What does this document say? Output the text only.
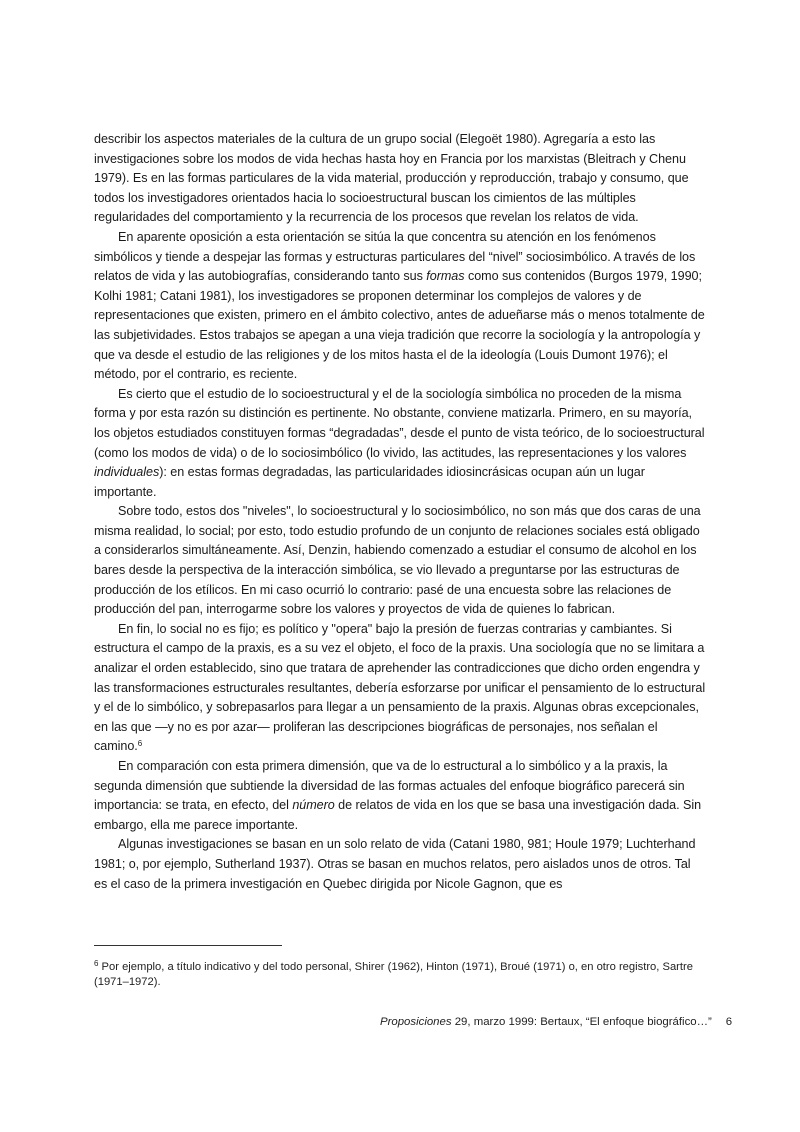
describir los aspectos materiales de la cultura de un grupo social (Elegoët 1980). Agregaría a esto las investigaciones sobre los modos de vida hechas hasta hoy en Francia por los marxistas (Bleitrach y Chenu 1979). Es en las formas particulares de la vida material, producción y reproducción, trabajo y consumo, que todos los investigadores orientados hacia lo socioestructural buscan los cimientos de las múltiples regularidades del comportamiento y la recurrencia de los procesos que revelan los relatos de vida.

En aparente oposición a esta orientación se sitúa la que concentra su atención en los fenómenos simbólicos y tiende a despejar las formas y estructuras particulares del “nivel” sociosimbólico. A través de los relatos de vida y las autobiografías, considerando tanto sus formas como sus contenidos (Burgos 1979, 1990; Kolhi 1981; Catani 1981), los investigadores se proponen determinar los complejos de valores y de representaciones que existen, primero en el ámbito colectivo, antes de adueñarse más o menos totalmente de las subjetividades. Estos trabajos se apegan a una vieja tradición que recorre la sociología y la antropología y que va desde el estudio de las religiones y de los mitos hasta el de la ideología (Louis Dumont 1976); el método, por el contrario, es reciente.

Es cierto que el estudio de lo socioestructural y el de la sociología simbólica no proceden de la misma forma y por esta razón su distinción es pertinente. No obstante, conviene matizarla. Primero, en su mayoría, los objetos estudiados constituyen formas “degradadas”, desde el punto de vista teórico, de lo socioestructural (como los modos de vida) o de lo sociosimbólico (lo vivido, las actitudes, las representaciones y los valores individuales): en estas formas degradadas, las particularidades idiosincrásicas ocupan aún un lugar importante.

Sobre todo, estos dos "niveles", lo socioestructural y lo sociosimbólico, no son más que dos caras de una misma realidad, lo social; por esto, todo estudio profundo de un conjunto de relaciones sociales está obligado a considerarlos simultáneamente. Así, Denzin, habiendo comenzado a estudiar el consumo de alcohol en los bares desde la perspectiva de la interacción simbólica, se vio llevado a preguntarse por las estructuras de producción de los etílicos. En mi caso ocurrió lo contrario: pasé de una encuesta sobre las relaciones de producción del pan, interrogarme sobre los valores y proyectos de vida de quienes lo fabrican.

En fin, lo social no es fijo; es político y "opera" bajo la presión de fuerzas contrarias y cambiantes. Si estructura el campo de la praxis, es a su vez el objeto, el foco de la praxis. Una sociología que no se limitara a analizar el orden establecido, sino que tratara de aprehender las contradicciones que dicho orden engendra y las transformaciones estructurales resultantes, debería esforzarse por unificar el pensamiento de lo estructural y el de lo simbólico, y sobrepasarlos para llegar a un pensamiento de la praxis. Algunas obras excepcionales, en las que —y no es por azar— proliferan las descripciones biográficas de personajes, nos señalan el camino.$^6$

En comparación con esta primera dimensión, que va de lo estructural a lo simbólico y a la praxis, la segunda dimensión que subtiende la diversidad de las formas actuales del enfoque biográfico parecerá sin importancia: se trata, en efecto, del número de relatos de vida en los que se basa una investigación dada. Sin embargo, ella me parece importante.

Algunas investigaciones se basan en un solo relato de vida (Catani 1980, 981; Houle 1979; Luchterhand 1981; o, por ejemplo, Sutherland 1937). Otras se basan en muchos relatos, pero aislados unos de otros. Tal es el caso de la primera investigación en Quebec dirigida por Nicole Gagnon, que es

$^6$ Por ejemplo, a título indicativo y del todo personal, Shirer (1962), Hinton (1971), Broué (1971) o, en otro registro, Sartre (1971–1972).
Proposiciones 29, marzo 1999: Bertaux, “El enfoque biográfico…” 6
